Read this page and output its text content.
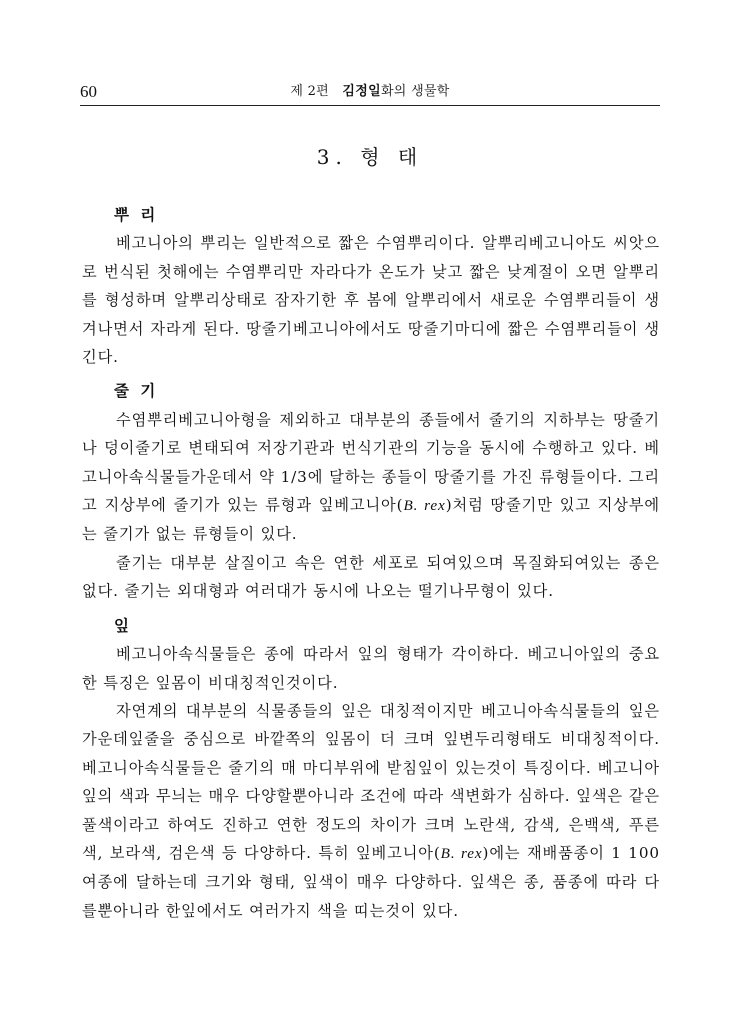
60	제 2편 김정일화의 생물학
3. 형 태
뿌 리

베고니아의 뿌리는 일반적으로 짧은 수염뿌리이다. 알뿌리베고니아도 씨앗으로 번식된 첫해에는 수염뿌리만 자라다가 온도가 낮고 짧은 낮계절이 오면 알뿌리를 형성하며 알뿌리상태로 잠자기한 후 봄에 알뿌리에서 새로운 수염뿌리들이 생겨나면서 자라게 된다. 땅줄기베고니아에서도 땅줄기마디에 짧은 수염뿌리들이 생긴다.

줄 기

수염뿌리베고니아형을 제외하고 대부분의 종들에서 줄기의 지하부는 땅줄기나 덩이줄기로 변태되여 저장기관과 번식기관의 기능을 동시에 수행하고 있다. 베고니아속식물들가운데서 약 1/3에 달하는 종들이 땅줄기를 가진 류형들이다. 그리고 지상부에 줄기가 있는 류형과 잎베고니아(B. rex)처럼 땅줄기만 있고 지상부에는 줄기가 없는 류형들이 있다.

줄기는 대부분 살질이고 속은 연한 세포로 되여있으며 목질화되여있는 종은 없다. 줄기는 외대형과 여러대가 동시에 나오는 떨기나무형이 있다.

잎

베고니아속식물들은 종에 따라서 잎의 형태가 각이하다. 베고니아잎의 중요한 특징은 잎몸이 비대칭적인것이다.

자연계의 대부분의 식물종들의 잎은 대칭적이지만 베고니아속식물들의 잎은 가운데잎줄을 중심으로 바깥쪽의 잎몸이 더 크며 잎변두리형태도 비대칭적이다. 베고니아속식물들은 줄기의 매 마디부위에 받침잎이 있는것이 특징이다. 베고니아잎의 색과 무늬는 매우 다양할뿐아니라 조건에 따라 색변화가 심하다. 잎색은 같은 풀색이라고 하여도 진하고 연한 정도의 차이가 크며 노란색, 감색, 은백색, 푸른색, 보라색, 검은색 등 다양하다. 특히 잎베고니아(B. rex)에는 재배품종이 1 100여종에 달하는데 크기와 형태, 잎색이 매우 다양하다. 잎색은 종, 품종에 따라 다를뿐아니라 한잎에서도 여러가지 색을 띠는것이 있다.
